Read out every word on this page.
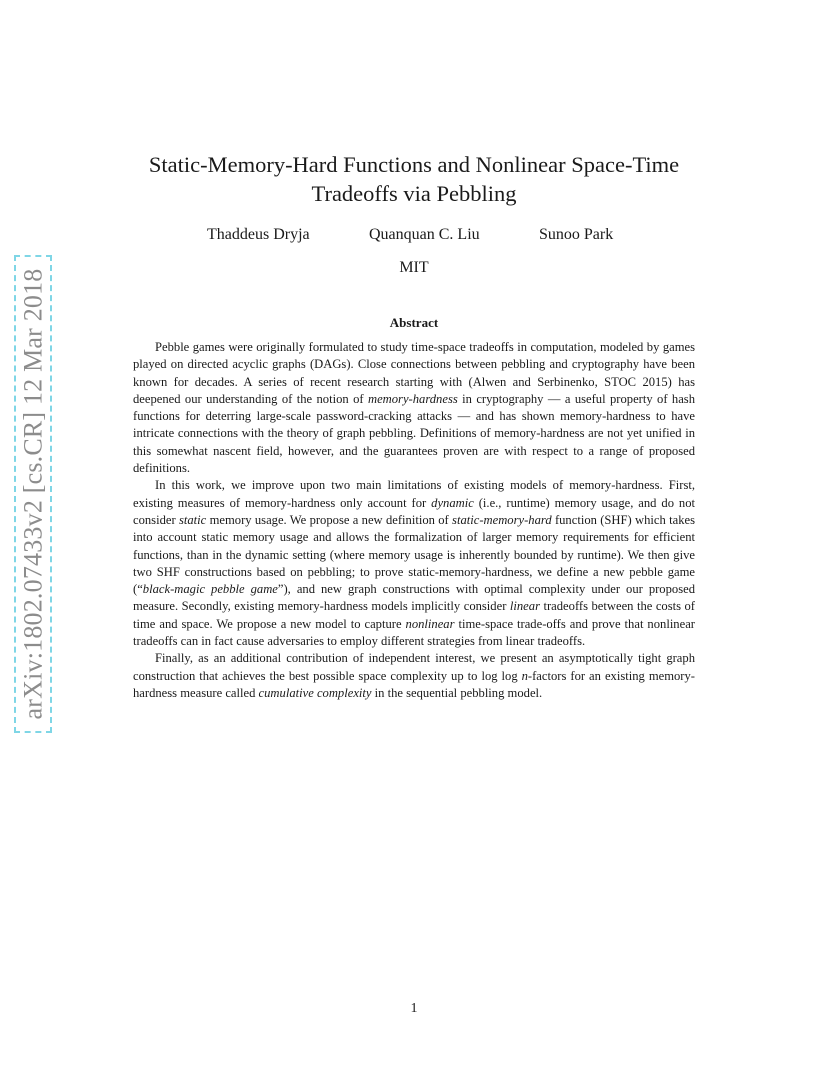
arXiv:1802.07433v2 [cs.CR] 12 Mar 2018
Static-Memory-Hard Functions and Nonlinear Space-Time Tradeoffs via Pebbling
Thaddeus Dryja	Quanquan C. Liu	Sunoo Park
MIT
Abstract

Pebble games were originally formulated to study time-space tradeoffs in computation, modeled by games played on directed acyclic graphs (DAGs). Close connections between pebbling and cryptography have been known for decades. A series of recent research starting with (Alwen and Serbinenko, STOC 2015) has deepened our understanding of the notion of memory-hardness in cryptography — a useful property of hash functions for deterring large-scale password-cracking attacks — and has shown memory-hardness to have intricate connections with the theory of graph pebbling. Definitions of memory-hardness are not yet unified in this somewhat nascent field, however, and the guarantees proven are with respect to a range of proposed definitions.

In this work, we improve upon two main limitations of existing models of memory-hardness. First, existing measures of memory-hardness only account for dynamic (i.e., runtime) memory usage, and do not consider static memory usage. We propose a new definition of static-memory-hard function (SHF) which takes into account static memory usage and allows the formalization of larger memory requirements for efficient functions, than in the dynamic setting (where memory usage is inherently bounded by runtime). We then give two SHF constructions based on pebbling; to prove static-memory-hardness, we define a new pebble game (“black-magic pebble game”), and new graph constructions with optimal complexity under our proposed measure. Secondly, existing memory-hardness models implicitly consider linear tradeoffs between the costs of time and space. We propose a new model to capture nonlinear time-space trade-offs and prove that nonlinear tradeoffs can in fact cause adversaries to employ different strategies from linear tradeoffs.

Finally, as an additional contribution of independent interest, we present an asymptotically tight graph construction that achieves the best possible space complexity up to log log n-factors for an existing memory-hardness measure called cumulative complexity in the sequential pebbling model.

1
